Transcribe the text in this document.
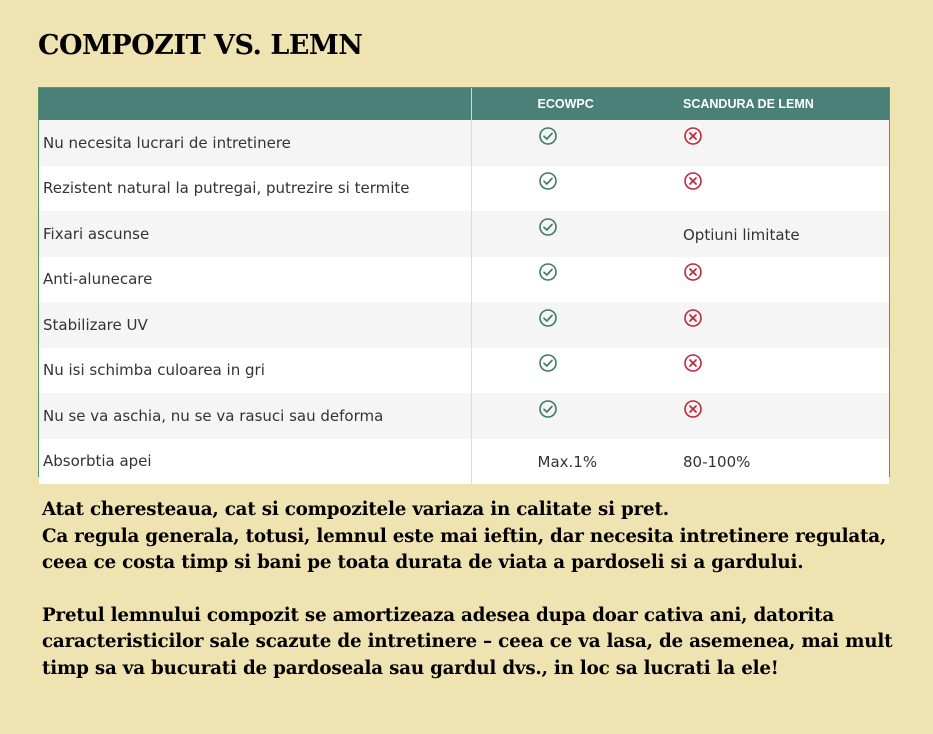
COMPOZIT VS. LEMN
	ECOWPC	SCANDURA DE LEMN
Nu necesita lucrari de intretinere	

Rezistent natural la putregai, putrezire si termite	

Fixari ascunse		Optiuni limitate
Anti-alunecare	

Stabilizare UV	

Nu isi schimba culoarea in gri	

Nu se va aschia, nu se va rasuci sau deforma	

Absorbtia apei	Max.1%	80-100%

Atat cheresteaua, cat si compozitele variaza in calitate si pret.
Ca regula generala, totusi, lemnul este mai ieftin, dar necesita intretinere regulata, ceea ce costa timp si bani pe toata durata de viata a pardoseli si a gardului.

Pretul lemnului compozit se amortizeaza adesea dupa doar cativa ani, datorita caracteristicilor sale scazute de intretinere – ceea ce va lasa, de asemenea, mai mult timp sa va bucurati de pardoseala sau gardul dvs., in loc sa lucrati la ele!
